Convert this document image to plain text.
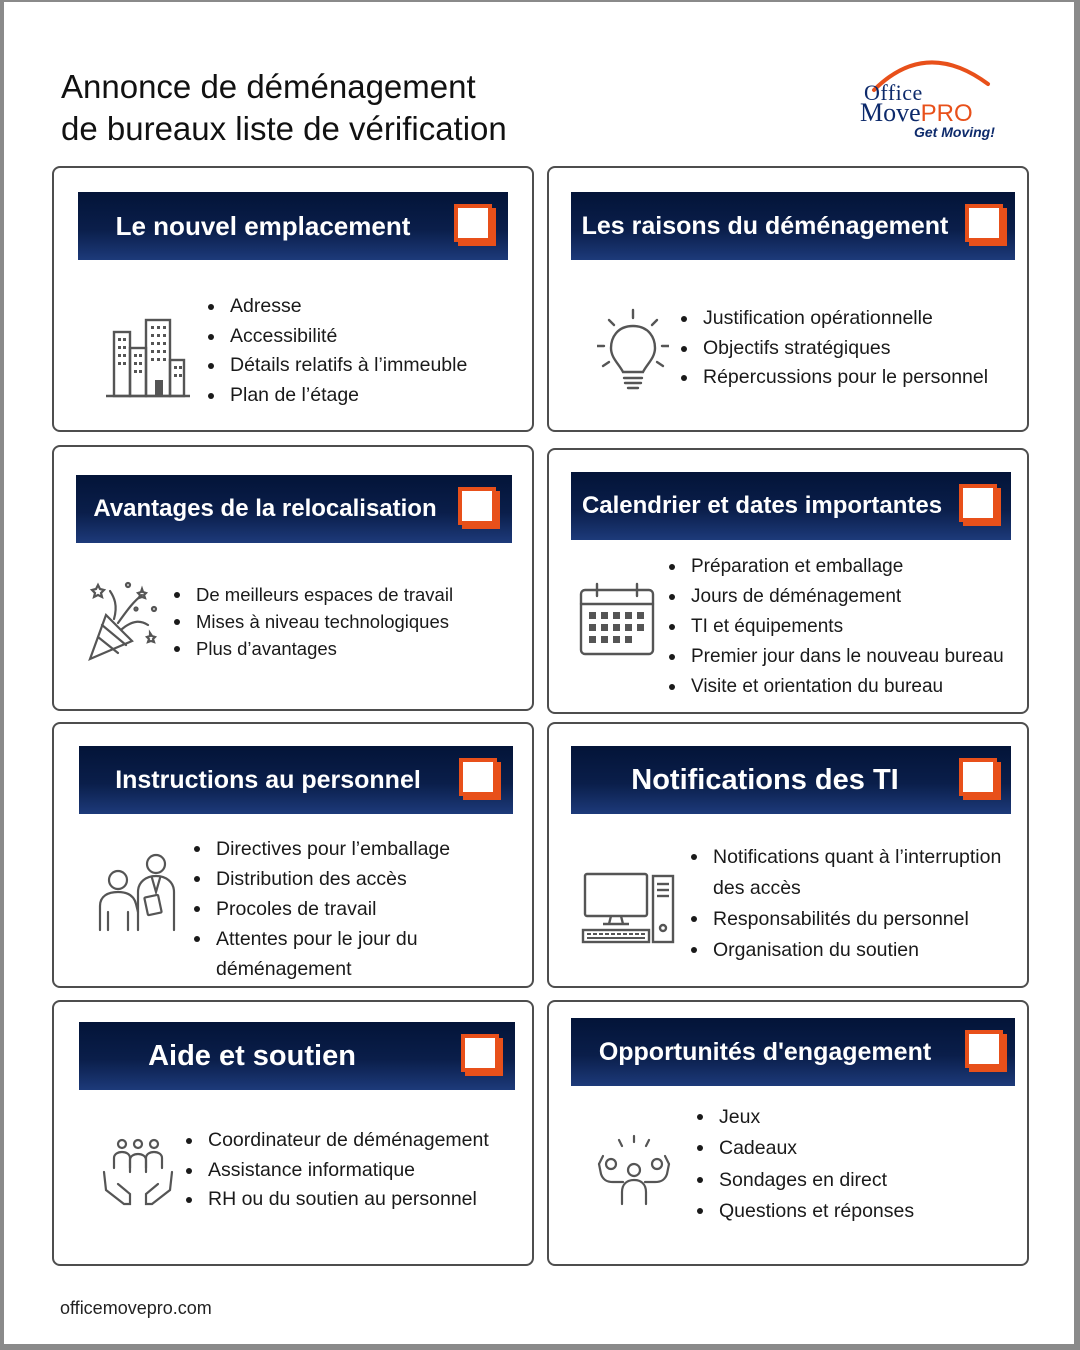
Annonce de déménagement
de bureaux liste de vérification
Office
MovePRO
Get Moving!
Le nouvel emplacement
Adresse
Accessibilité
Détails relatifs à l’immeuble
Plan de l’étage
Les raisons du déménagement
Justification opérationnelle
Objectifs stratégiques
Répercussions pour le personnel
Avantages de la relocalisation
De meilleurs espaces de travail
Mises à niveau technologiques
Plus d’avantages
Calendrier et dates importantes
Préparation et emballage
Jours de déménagement
TI et équipements
Premier jour dans le nouveau bureau
Visite et orientation du bureau
Instructions au personnel
Directives pour l’emballage
Distribution des accès
Procoles de travail
Attentes pour le jour du déménagement
Notifications des TI
Notifications quant à l’interruption des accès
Responsabilités du personnel
Organisation du soutien
Aide et soutien
Coordinateur de déménagement
Assistance informatique
RH ou du soutien au personnel
Opportunités d'engagement
Jeux
Cadeaux
Sondages en direct
Questions et réponses
officemovepro.com
